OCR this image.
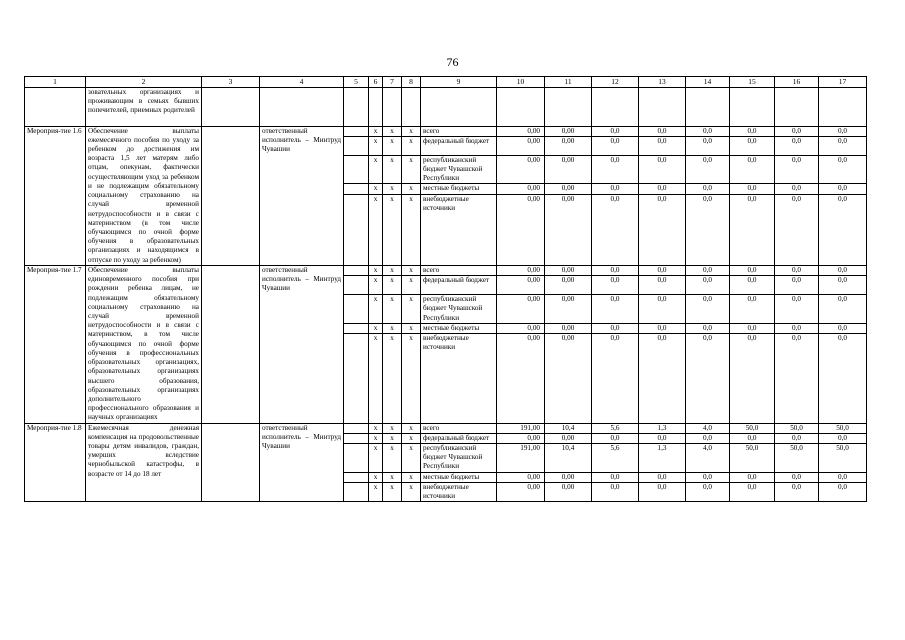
76
1	2	3	4	5	6	7	8	9	10	11	12	13	14	15	16	17
	зовательных организациях и проживающим в семьях бывших попечителей, приемных родителей															
Мероприя-тие 1.6	Обеспечение выплаты ежемесячного пособия по уходу за ребенком до достижения им возраста 1,5 лет матерям либо отцам, опекунам, фактически осуществляющим уход за ребенком и не подлежащим обязательному социальному страхованию на случай временной нетрудоспособности и в связи с материнством (в том числе обучающимся по очной форме обучения в образовательных организациях и находящимся в отпуске по уходу за ребенком)		ответственный исполнитель – Минтруд Чувашии		x	x	x	всего	0,00	0,00	0,0	0,0	0,0	0,0	0,0	0,0
					x	x	x	федеральный бюджет	0,00	0,00	0,0	0,0	0,0	0,0	0,0	0,0
					x	x	x	республиканский бюджет Чувашской Республики	0,00	0,00	0,0	0,0	0,0	0,0	0,0	0,0
					x	x	x	местные бюджеты	0,00	0,00	0,0	0,0	0,0	0,0	0,0	0,0
					x	x	x	внебюджетные источники	0,00	0,00	0,0	0,0	0,0	0,0	0,0	0,0
Мероприя-тие 1.7	Обеспечение выплаты единовременного пособия при рождении ребенка лицам, не подлежащим обязательному социальному страхованию на случай временной нетрудоспособности и в связи с материнством, в том числе обучающимся по очной форме обучения в профессиональных образовательных организациях, образовательных организациях высшего образования, образовательных организациях дополнительного профессионального образования и научных организациях		ответственный исполнитель – Минтруд Чувашии		x	x	x	всего	0,00	0,00	0,0	0,0	0,0	0,0	0,0	0,0
					x	x	x	федеральный бюджет	0,00	0,00	0,0	0,0	0,0	0,0	0,0	0,0
					x	x	x	республиканский бюджет Чувашской Республики	0,00	0,00	0,0	0,0	0,0	0,0	0,0	0,0
					x	x	x	местные бюджеты	0,00	0,00	0,0	0,0	0,0	0,0	0,0	0,0
					x	x	x	внебюджетные источники	0,00	0,00	0,0	0,0	0,0	0,0	0,0	0,0
Мероприя-тие 1.8	Ежемесячная денежная компенсация на продовольственные товары детям инвалидов, граждан, умерших вследствие чернобыльской катастрофы, в возрасте от 14 до 18 лет		ответственный исполнитель – Минтруд Чувашии		x	x	x	всего	191,00	10,4	5,6	1,3	4,0	50,0	50,0	50,0
					x	x	x	федеральный бюджет	0,00	0,00	0,0	0,0	0,0	0,0	0,0	0,0
					x	x	x	республиканский бюджет Чувашской Республики	191,00	10,4	5,6	1,3	4,0	50,0	50,0	50,0
					x	x	x	местные бюджеты	0,00	0,00	0,0	0,0	0,0	0,0	0,0	0,0
					x	x	x	внебюджетные источники	0,00	0,00	0,0	0,0	0,0	0,0	0,0	0,0
